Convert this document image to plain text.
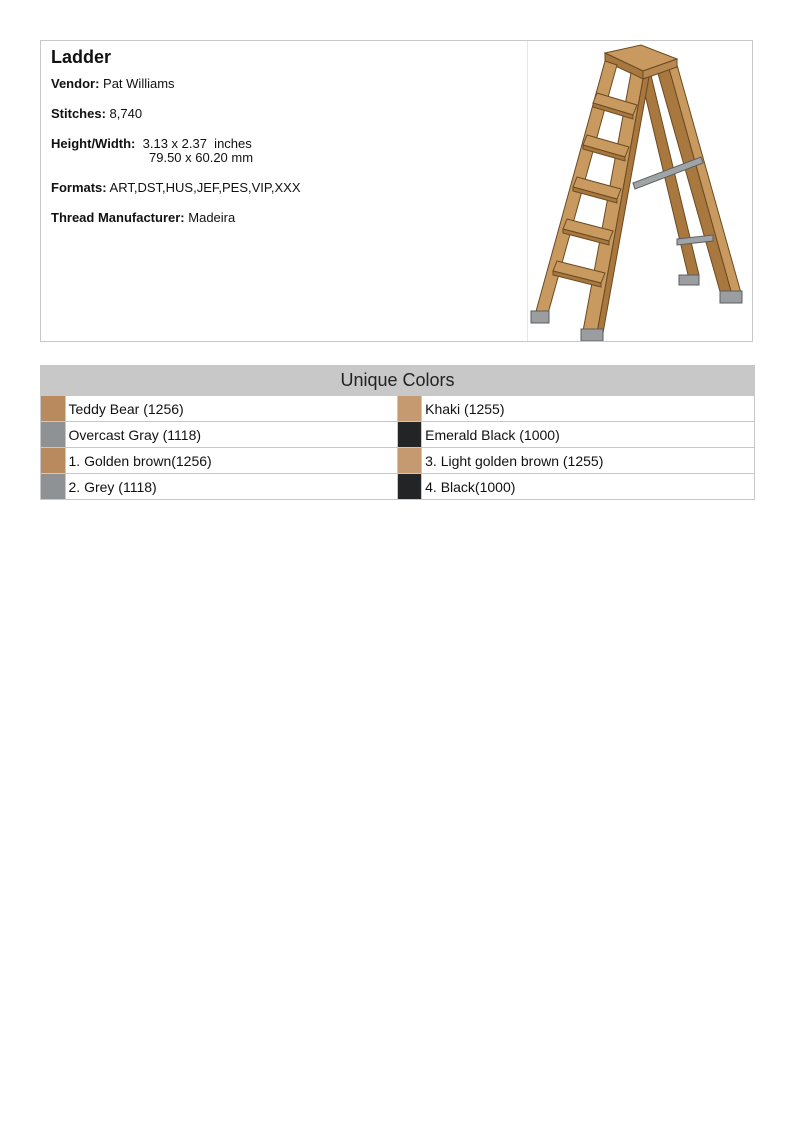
Ladder
Vendor: Pat Williams
Stitches: 8,740
Height/Width: 3.13 x 2.37  inches
79.50 x 60.20 mm
Formats: ART,DST,HUS,JEF,PES,VIP,XXX
Thread Manufacturer: Madeira
Unique Colors			
	Teddy Bear (1256)		Khaki (1255)
	Overcast Gray (1118)		Emerald Black (1000)
	1. Golden brown(1256)		3. Light golden brown (1255)
	2. Grey (1118)		4. Black(1000)
